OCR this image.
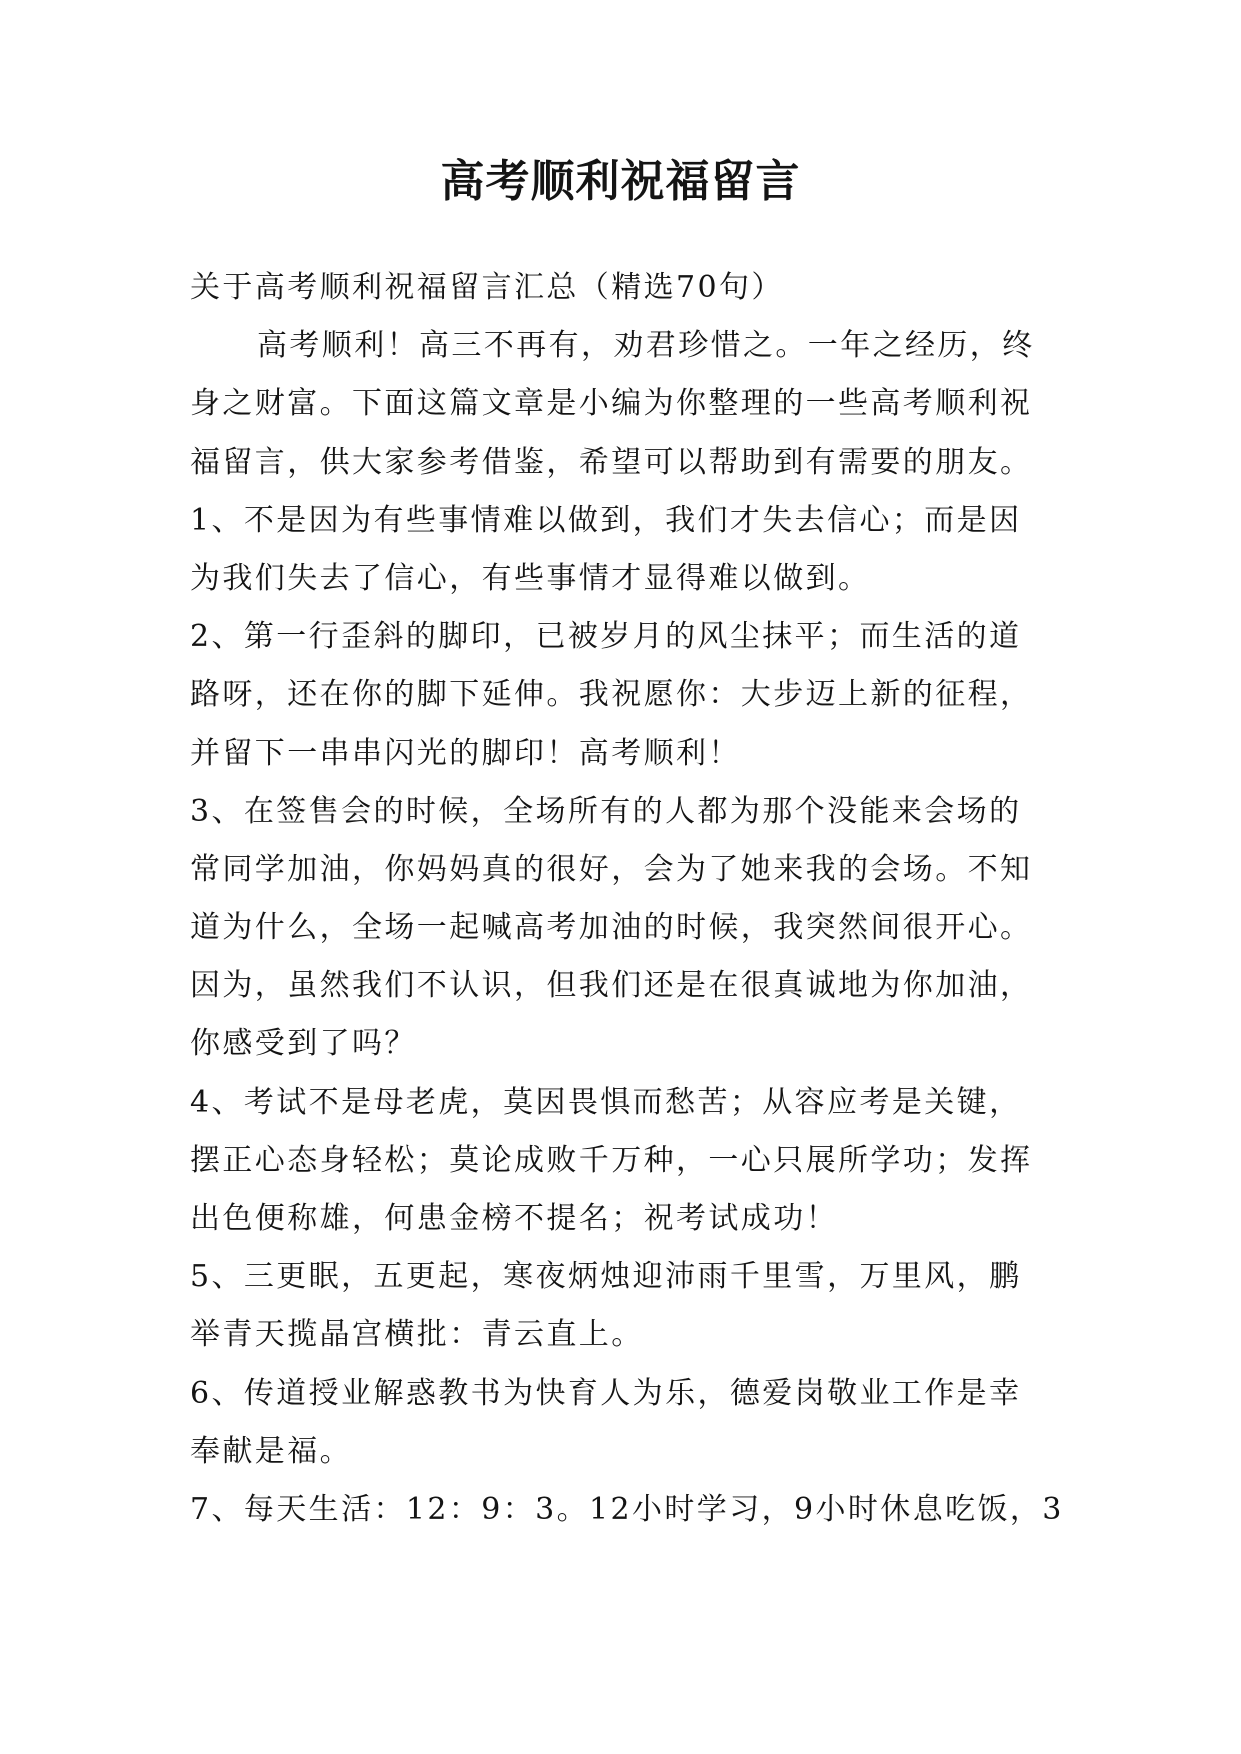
高考顺利祝福留言
关于高考顺利祝福留言汇总（精选70句）
高考顺利！高三不再有，劝君珍惜之。一年之经历，终
身之财富。下面这篇文章是小编为你整理的一些高考顺利祝
福留言，供大家参考借鉴，希望可以帮助到有需要的朋友。
1、不是因为有些事情难以做到，我们才失去信心；而是因
为我们失去了信心，有些事情才显得难以做到。
2、第一行歪斜的脚印，已被岁月的风尘抹平；而生活的道
路呀，还在你的脚下延伸。我祝愿你：大步迈上新的征程，
并留下一串串闪光的脚印！高考顺利！
3、在签售会的时候，全场所有的人都为那个没能来会场的
常同学加油，你妈妈真的很好，会为了她来我的会场。不知
道为什么，全场一起喊高考加油的时候，我突然间很开心。
因为，虽然我们不认识，但我们还是在很真诚地为你加油，
你感受到了吗？
4、考试不是母老虎，莫因畏惧而愁苦；从容应考是关键，
摆正心态身轻松；莫论成败千万种，一心只展所学功；发挥
出色便称雄，何患金榜不提名；祝考试成功！
5、三更眠，五更起，寒夜炳烛迎沛雨千里雪，万里风，鹏
举青天揽晶宫横批：青云直上。
6、传道授业解惑教书为快育人为乐，德爱岗敬业工作是幸
奉献是福。
7、每天生活：12：9：3。12小时学习，9小时休息吃饭，3
